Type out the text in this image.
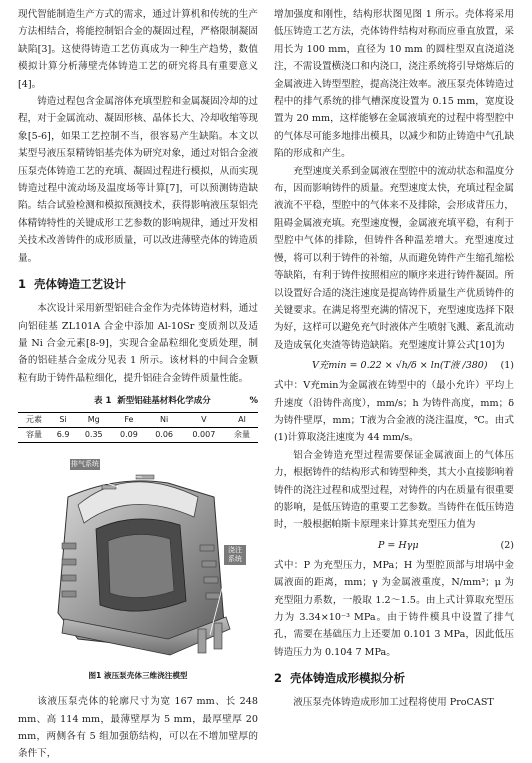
现代智能制造生产方式的需求，通过计算机和传统的生产方法相结合，将能控制铝合金的凝固过程，严格限制凝固缺陷[3]。这使得铸造工艺仿真成为一种生产趋势，数值模拟计算分析薄壁壳体铸造工艺的研究将具有重要意义[4]。

铸造过程包含金属溶体充填型腔和金属凝固冷却的过程，对于金属流动、凝固形核、晶体长大、冷却收缩等现象[5-6]，如果工艺控制不当，很容易产生缺陷。本文以某型号液压泵精铸铝基壳体为研究对象，通过对铝合金液压泵壳体铸造工艺的充填、凝固过程进行模拟，从而实现铸造过程中流动场及温度场等计算[7]，可以预测铸造缺陷。结合试验检测和模拟预测技术，获得影响液压泵铝壳体精铸特性的关键成形工艺参数的影响规律，通过开发相关技术改善铸件的成形质量，可以改进薄壁壳体的铸造质量。

1 壳体铸造工艺设计

本次设计采用新型铝硅合金作为壳体铸造材料，通过向铝硅基 ZL101A 合金中添加 Al-10Sr 变质剂以及适量 Ni 合金元素[8-9]，实现合金晶粒细化变质处理，制备的铝硅基合金成分见表 1 所示。该材料的中间合金颗粒有助于铸件晶粒细化，提升铝硅合金铸件质量性能。

表 1 新型铝硅基材料化学成分	%
元素	Si	Mg	Fe	Ni	V	Al
容量	6.9	0.35	0.09	0.06	0.007	余量
排气系统
浇注系统
图1 液压泵壳体三维浇注模型

该液压泵壳体的轮廓尺寸为宽 167 mm、长 248 mm、高 114 mm，最薄壁厚为 5 mm，最厚壁厚 20 mm，两侧各有 5 组加强筋结构，可以在不增加壁厚的条件下，

增加强度和刚性，结构形状图见图 1 所示。壳体将采用低压铸造工艺方法，壳体铸件结构对称而应垂直放置，采用长为 100 mm，直径为 10 mm 的圆柱型双直浇道浇注，不需设置横浇口和内浇口，浇注系统将引导熔炼后的金属液进入铸型型腔，提高浇注效率。液压泵壳体铸造过程中的排气系统的排气槽深度设置为 0.15 mm，宽度设置为 20 mm，这样能够在金属液填充的过程中将型腔中的气体尽可能多地排出模具，以减少和防止铸造中气孔缺陷的形成和产生。

充型速度关系到金属液在型腔中的流动状态和温度分布，因而影响铸件的质量。充型速度太快，充填过程金属液流不平稳，型腔中的气体来不及排除，会形成背压力，阻碍金属液充填。充型速度慢，金属液充填平稳，有利于型腔中气体的排除，但铸件各种温差增大。充型速度过慢，将可以利于铸件的补缩，从而避免铸件产生缩孔缩松等缺陷，有利于铸件按照相应的顺序来进行铸件凝固。所以设置好合适的浇注速度是提高铸件质量生产优质铸件的关键要求。在满足将型充满的情况下，充型速度选择下限为好，这样可以避免充气时液体产生喷射飞溅、紊乱流动及造成氧化夹渣等铸造缺陷。充型速度计算公式[10]为

V充min = 0.22 × √h/δ × ln(T液 /380) (1)

式中：V充min为金属液在铸型中的（最小允许）平均上升速度（沿铸件高度），mm/s；h 为铸件高度，mm；δ 为铸件壁厚，mm；T液为合金液的浇注温度，℃。由式(1)计算取浇注速度为 44 mm/s。

铝合金铸造充型过程需要保证金属液面上的气体压力，根据铸件的结构形式和铸型种类，其大小直接影响着铸件的浇注过程和成型过程，对铸件的内在质量有很重要的影响，是低压铸造的重要工艺参数。当铸件在低压铸造时，一般根据帕斯卡原理来计算其充型压力值为

P = Hγμ	(2)

式中：P 为充型压力，MPa；H 为型腔顶部与坩埚中金属液面的距离，mm；γ 为金属液重度，N/mm³；μ 为充型阻力系数，一般取 1.2～1.5。由上式计算取充型压力为 3.34×10⁻³ MPa。由于铸件模具中设置了排气孔，需要在基础压力上还要加 0.101 3 MPa，因此低压铸造压力为 0.104 7 MPa。

2 壳体铸造成形模拟分析

液压泵壳体铸造成形加工过程将使用 ProCAST
